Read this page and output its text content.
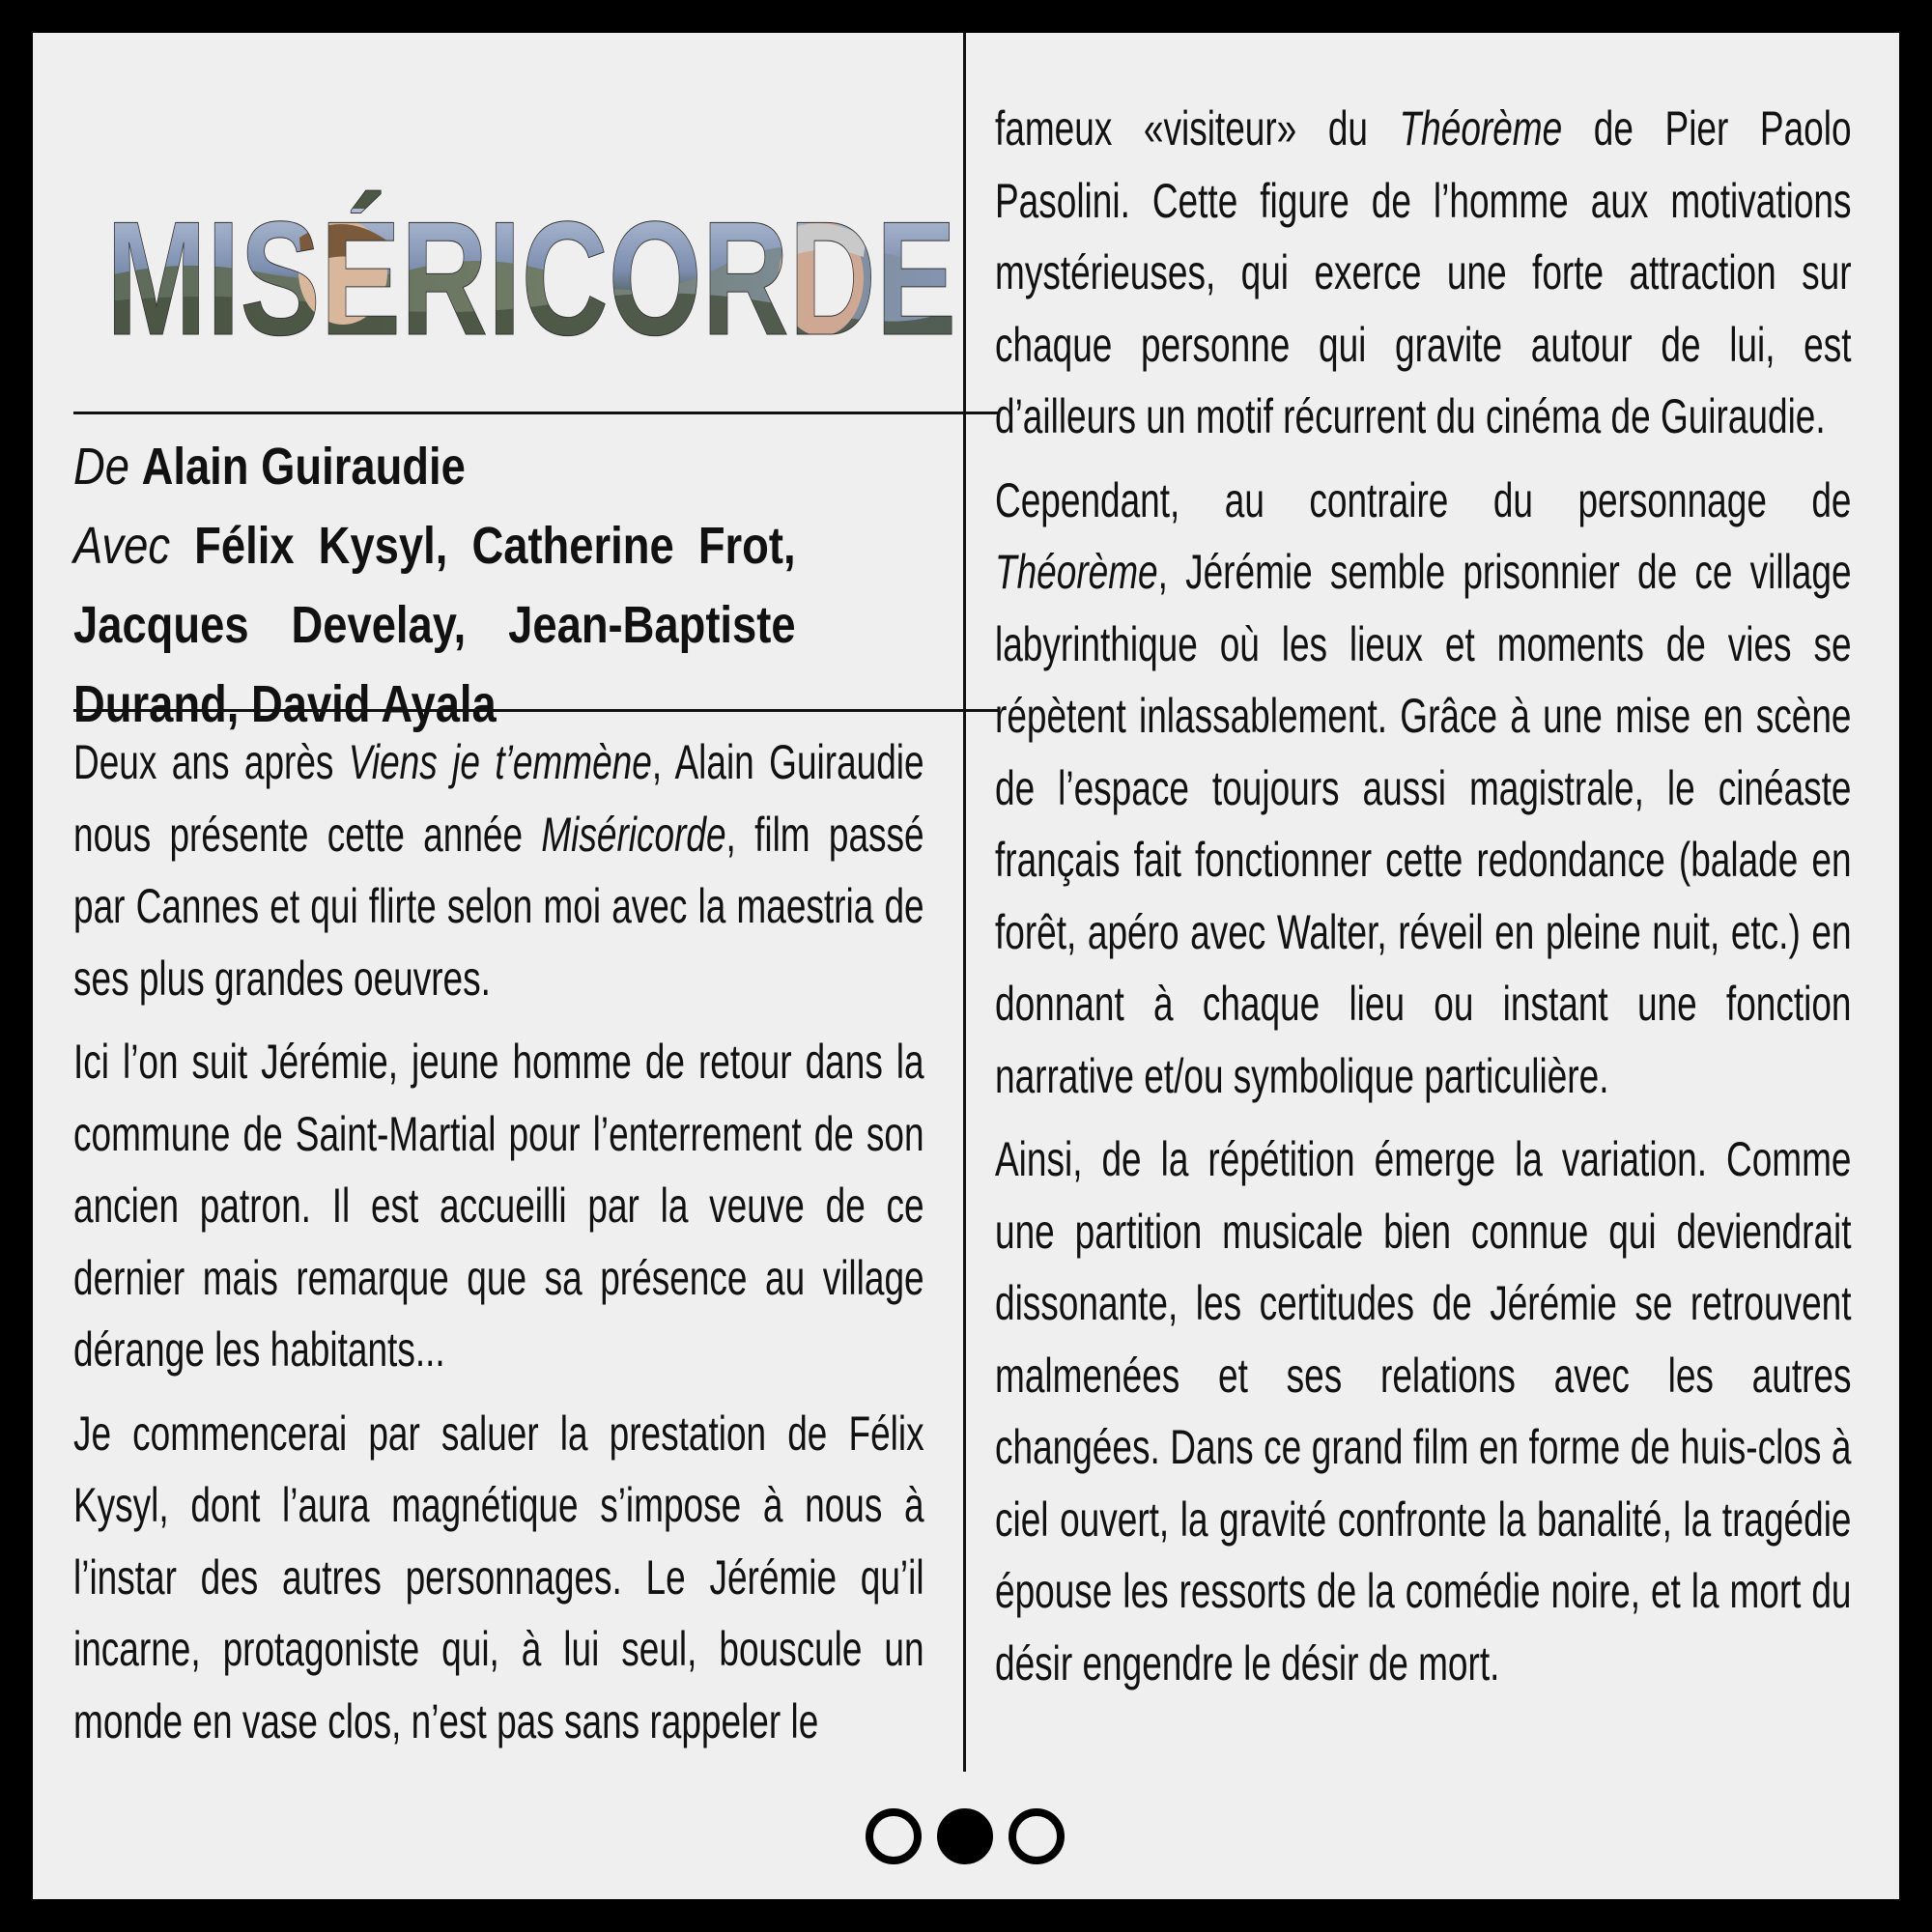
MISÉRICORDE

De Alain Guiraudie

Avec Félix Kysyl, Catherine Frot, Jacques Develay, Jean-Baptiste Durand, David Ayala

Deux ans après Viens je t’emmène, Alain Guiraudie nous présente cette année Miséricorde, film passé par Cannes et qui flirte selon moi avec la maestria de ses plus grandes oeuvres.

Ici l’on suit Jérémie, jeune homme de retour dans la commune de Saint-Martial pour l’enterrement de son ancien patron. Il est accueilli par la veuve de ce dernier mais remarque que sa présence au village dérange les habitants...

Je commencerai par saluer la prestation de Félix Kysyl, dont l’aura magnétique s’impose à nous à l’instar des autres personnages. Le Jérémie qu’il incarne, protagoniste qui, à lui seul, bouscule un monde en vase clos, n’est pas sans rappeler le

fameux «visiteur» du Théorème de Pier Paolo Pasolini. Cette figure de l’homme aux motivations mystérieuses, qui exerce une forte attraction sur chaque personne qui gravite autour de lui, est d’ailleurs un motif récurrent du cinéma de Guiraudie.

Cependant, au contraire du personnage de Théorème, Jérémie semble prisonnier de ce village labyrinthique où les lieux et moments de vies se répètent inlassablement. Grâce à une mise en scène de l’espace toujours aussi magistrale, le cinéaste français fait fonctionner cette redondance (balade en forêt, apéro avec Walter, réveil en pleine nuit, etc.) en donnant à chaque lieu ou instant une fonction narrative et/ou symbolique particulière.

Ainsi, de la répétition émerge la variation. Comme une partition musicale bien connue qui deviendrait dissonante, les certitudes de Jérémie se retrouvent malmenées et ses relations avec les autres changées. Dans ce grand film en forme de huis-clos à ciel ouvert, la gravité confronte la banalité, la tragédie épouse les ressorts de la comédie noire, et la mort du désir engendre le désir de mort.
